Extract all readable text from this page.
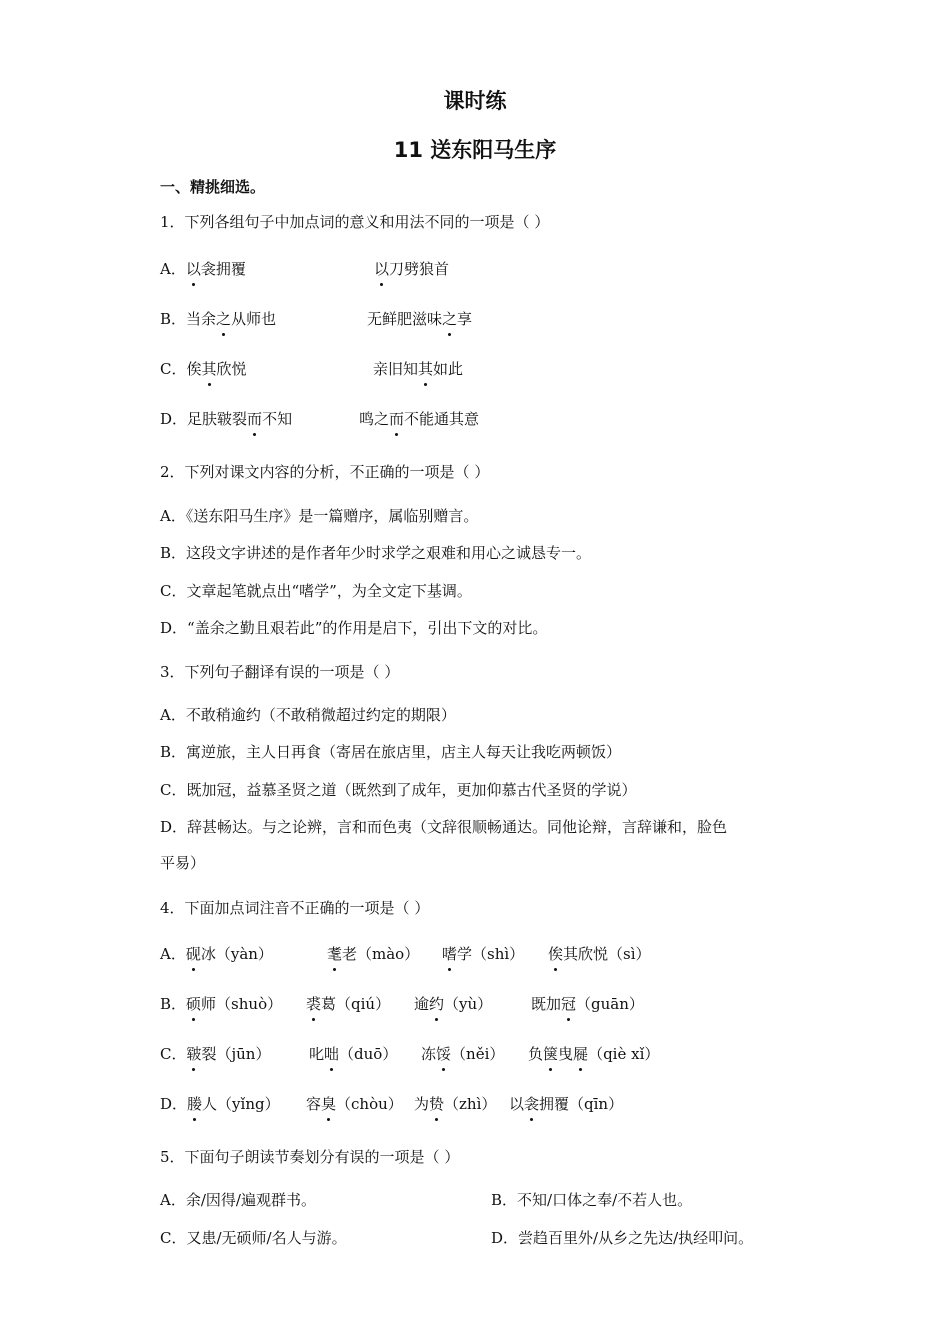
课时练
11 送东阳马生序
一、精挑细选。
1．下列各组句子中加点词的意义和用法不同的一项是（ ）
A．以衾拥覆	以刀劈狼首
B．当余之从师也	无鲜肥滋味之享
C．俟其欣悦	亲旧知其如此
D．足肤皲裂而不知	鸣之而不能通其意
2．下列对课文内容的分析，不正确的一项是（ ）
A．《送东阳马生序》是一篇赠序，属临别赠言。
B．这段文字讲述的是作者年少时求学之艰难和用心之诚恳专一。
C．文章起笔就点出“嗜学”，为全文定下基调。
D．“盖余之勤且艰若此”的作用是启下，引出下文的对比。
3．下列句子翻译有误的一项是（ ）
A．不敢稍逾约（不敢稍微超过约定的期限）
B．寓逆旅，主人日再食（寄居在旅店里，店主人每天让我吃两顿饭）
C．既加冠，益慕圣贤之道（既然到了成年，更加仰慕古代圣贤的学说）
D．辞甚畅达。与之论辨，言和而色夷（文辞很顺畅通达。同他论辩，言辞谦和，脸色
平易）
4．下面加点词注音不正确的一项是（ ）
A．砚冰（yàn）	耄老（mào） 嗜学（shì） 俟其欣悦（sì）
B．硕师（shuò） 裘葛（qiú） 逾约（yù）	既加冠（guān）
C．皲裂（jūn）	叱咄（duō） 冻馁（něi） 负箧曳屣（qiè xǐ）
D．媵人（yǐng） 容臭（chòu） 为贽（zhì） 以衾拥覆（qīn）
5．下面句子朗读节奏划分有误的一项是（ ）
A．余/因得/遍观群书。	B．不知/口体之奉/不若人也。
C．又患/无硕师/名人与游。	D．尝趋百里外/从乡之先达/执经叩问。
